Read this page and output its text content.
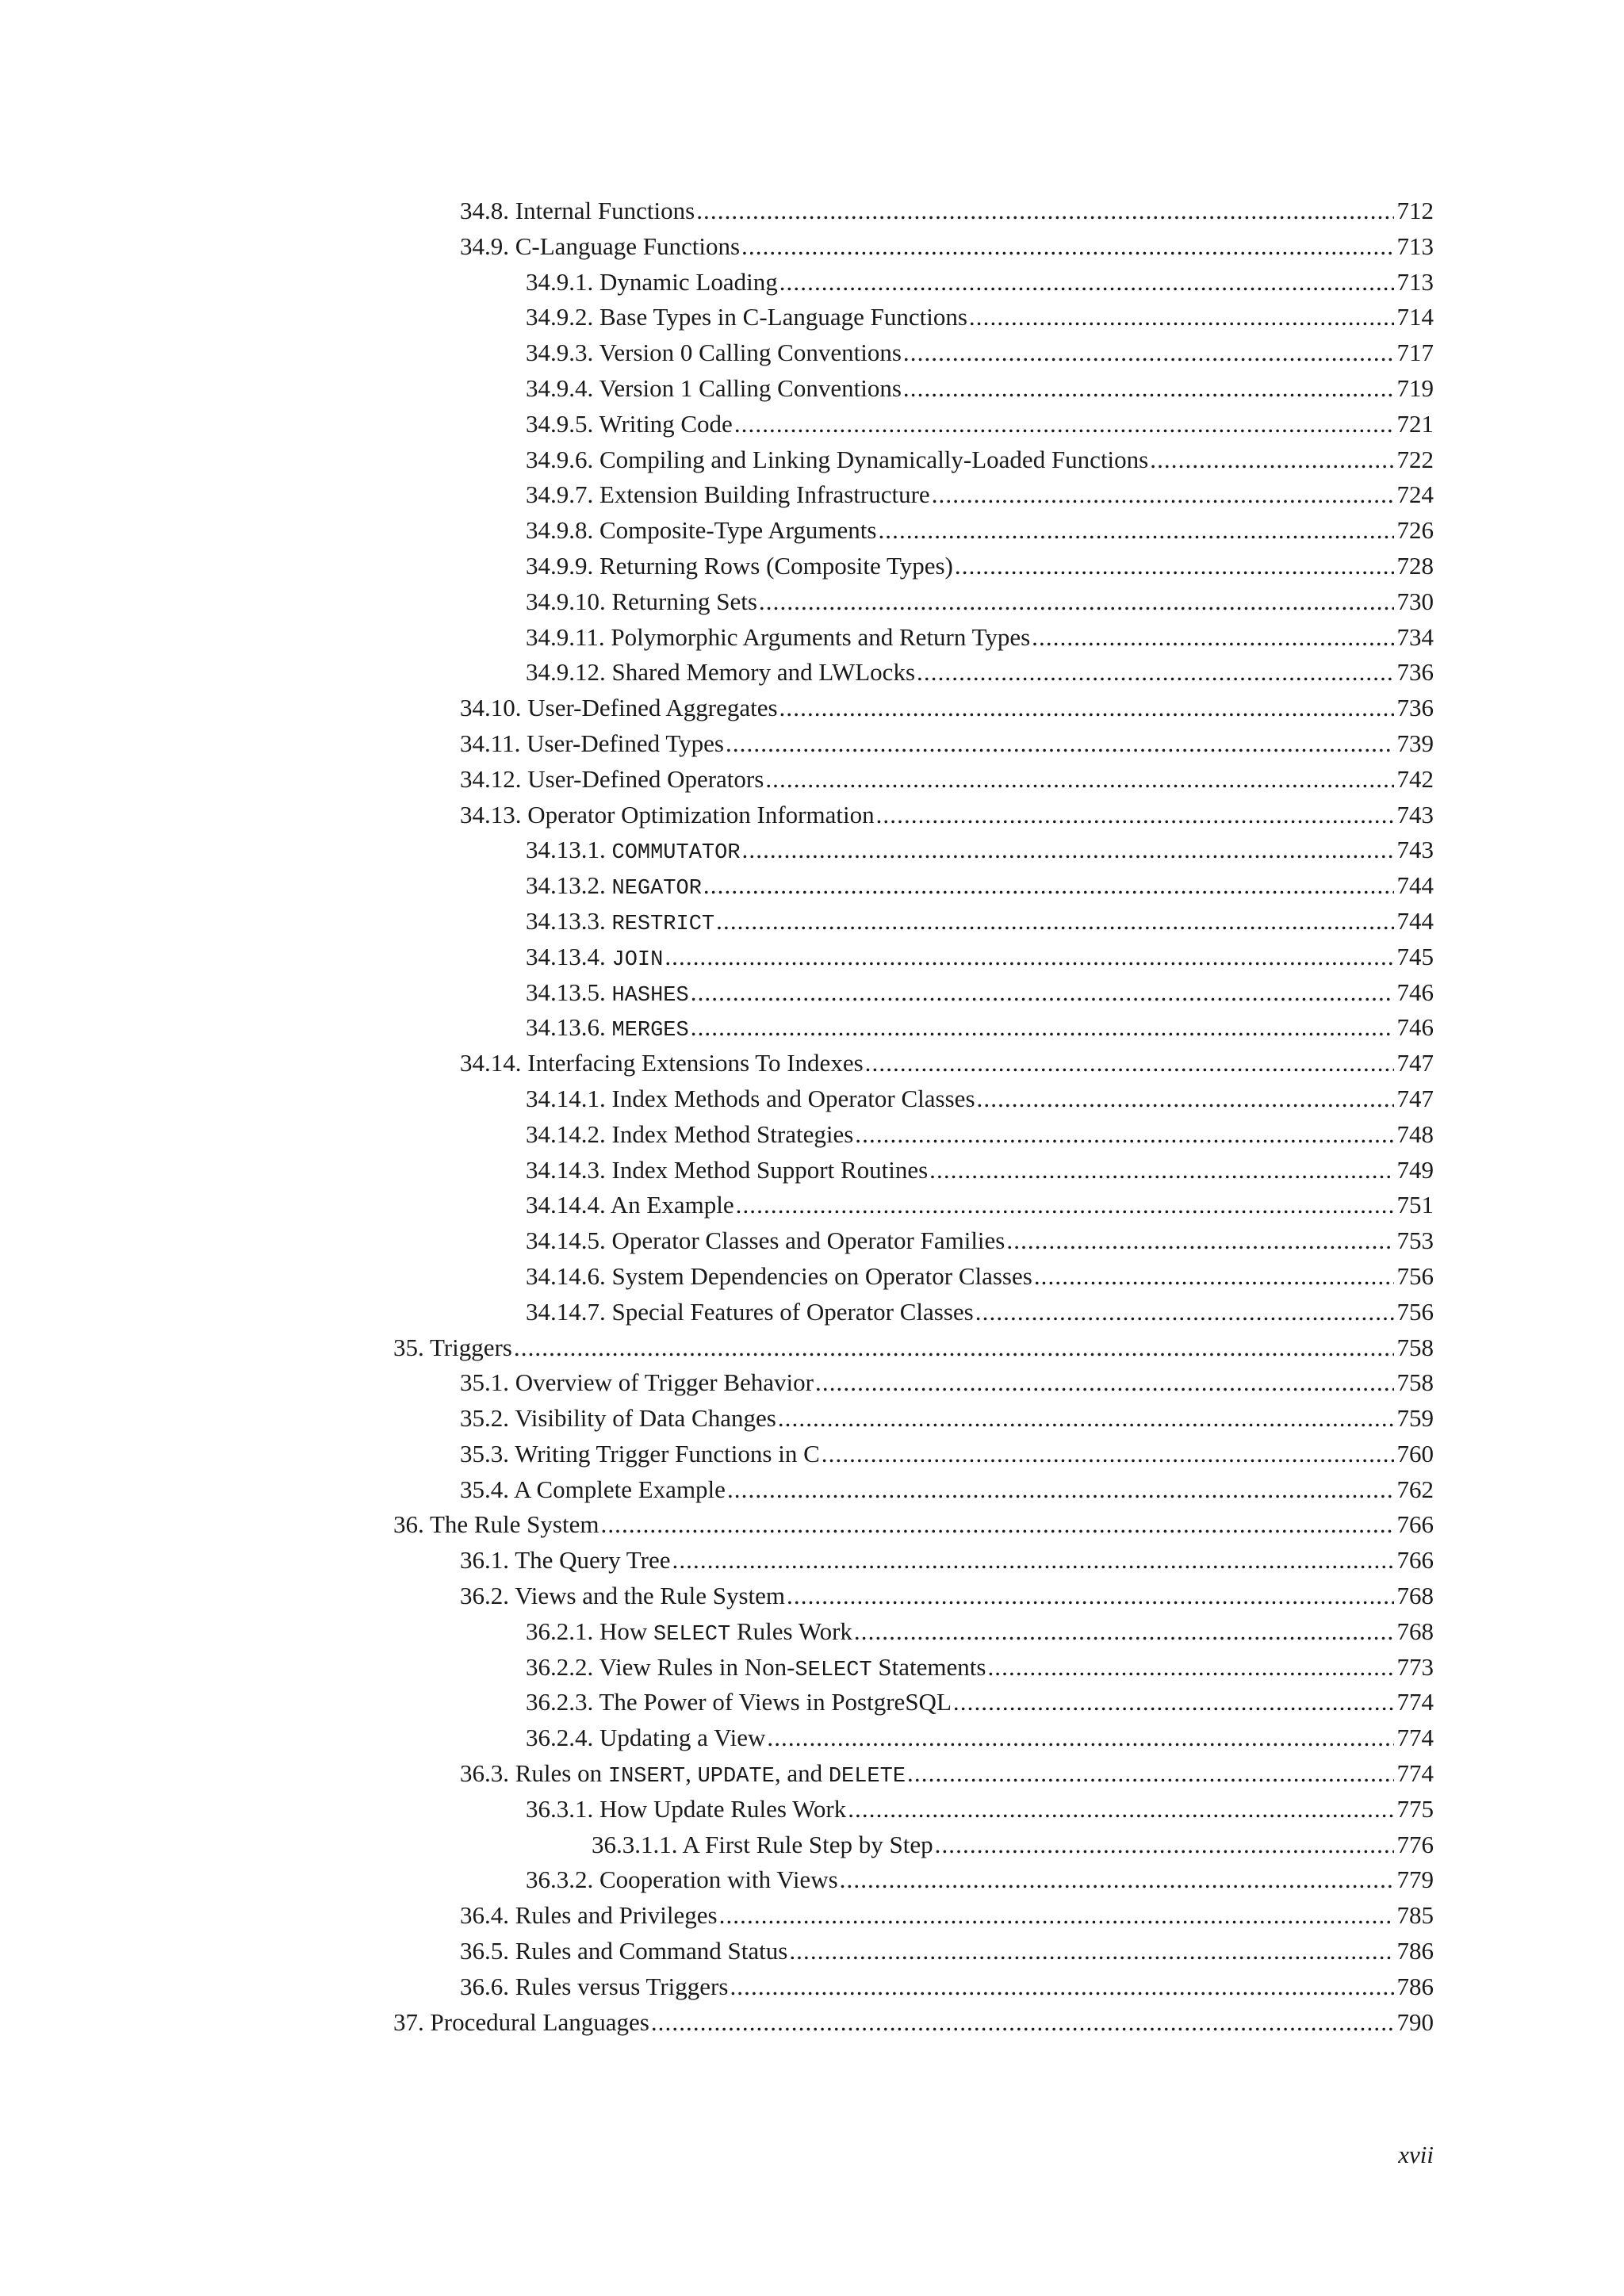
34.8. Internal Functions .....	712
34.9. C-Language Functions .....	713
34.9.1. Dynamic Loading .....	713
34.9.2. Base Types in C-Language Functions .....	714
34.9.3. Version 0 Calling Conventions .....	717
34.9.4. Version 1 Calling Conventions .....	719
34.9.5. Writing Code .....	721
34.9.6. Compiling and Linking Dynamically-Loaded Functions .....	722
34.9.7. Extension Building Infrastructure .....	724
34.9.8. Composite-Type Arguments .....	726
34.9.9. Returning Rows (Composite Types) .....	728
34.9.10. Returning Sets .....	730
34.9.11. Polymorphic Arguments and Return Types .....	734
34.9.12. Shared Memory and LWLocks .....	736
34.10. User-Defined Aggregates .....	736
34.11. User-Defined Types .....	739
34.12. User-Defined Operators .....	742
34.13. Operator Optimization Information .....	743
34.13.1. COMMUTATOR .....	743
34.13.2. NEGATOR .....	744
34.13.3. RESTRICT .....	744
34.13.4. JOIN .....	745
34.13.5. HASHES .....	746
34.13.6. MERGES .....	746
34.14. Interfacing Extensions To Indexes .....	747
34.14.1. Index Methods and Operator Classes .....	747
34.14.2. Index Method Strategies .....	748
34.14.3. Index Method Support Routines .....	749
34.14.4. An Example .....	751
34.14.5. Operator Classes and Operator Families .....	753
34.14.6. System Dependencies on Operator Classes .....	756
34.14.7. Special Features of Operator Classes .....	756
35. Triggers .....	758
35.1. Overview of Trigger Behavior .....	758
35.2. Visibility of Data Changes .....	759
35.3. Writing Trigger Functions in C .....	760
35.4. A Complete Example .....	762
36. The Rule System .....	766
36.1. The Query Tree .....	766
36.2. Views and the Rule System .....	768
36.2.1. How SELECT Rules Work .....	768
36.2.2. View Rules in Non-SELECT Statements .....	773
36.2.3. The Power of Views in PostgreSQL .....	774
36.2.4. Updating a View .....	774
36.3. Rules on INSERT, UPDATE, and DELETE .....	774
36.3.1. How Update Rules Work .....	775
36.3.1.1. A First Rule Step by Step .....	776
36.3.2. Cooperation with Views .....	779
36.4. Rules and Privileges .....	785
36.5. Rules and Command Status .....	786
36.6. Rules versus Triggers .....	786
37. Procedural Languages .....	790
xvii
